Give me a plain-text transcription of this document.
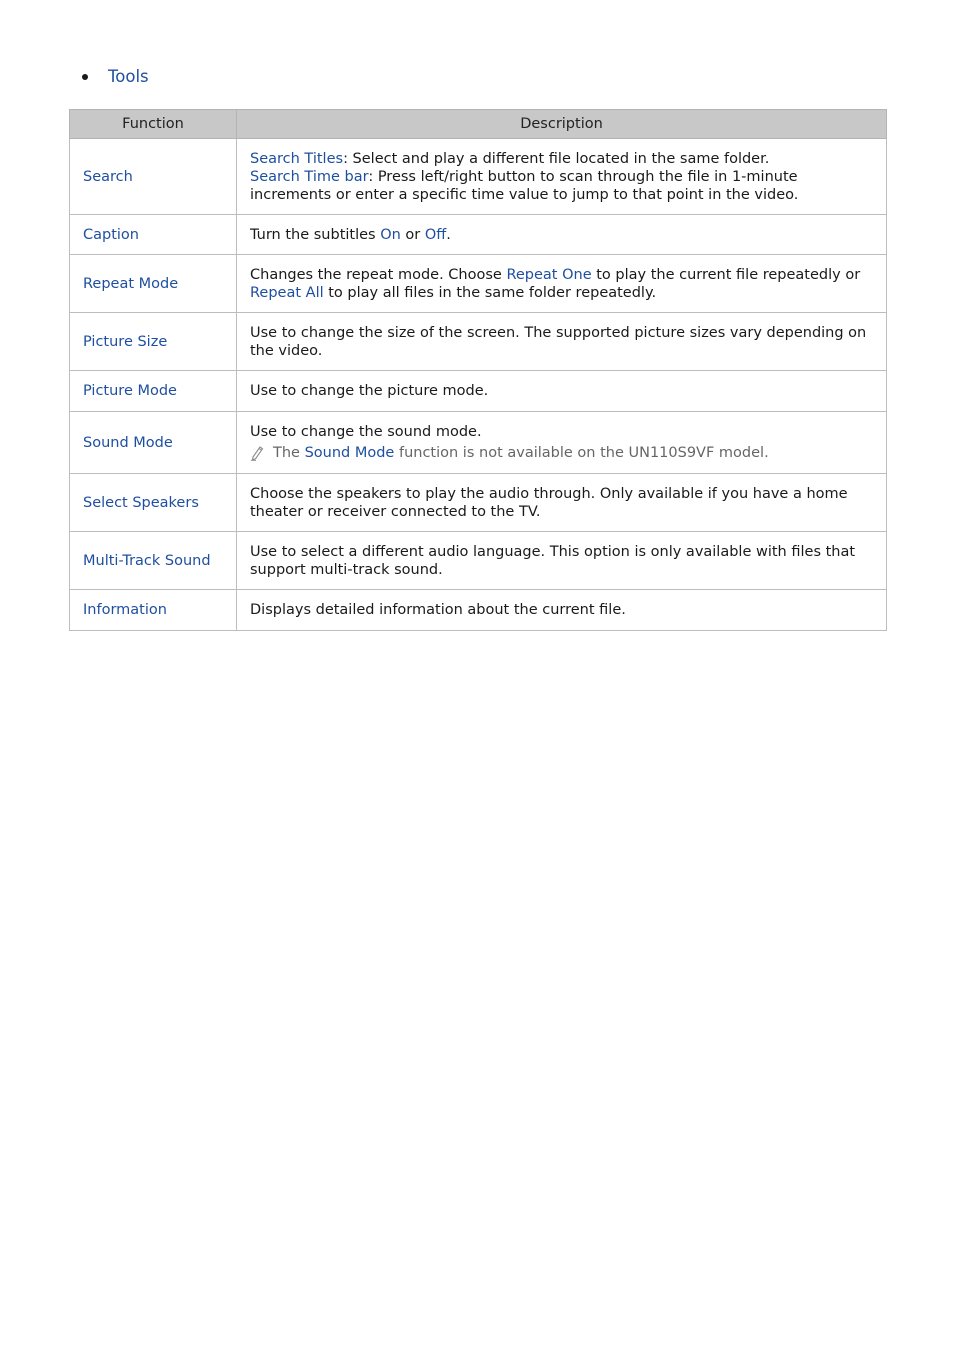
Tools
Function	Description
Search	Search Titles: Select and play a different file located in the same folder.
Search Time bar: Press left/right button to scan through the file in 1-minute increments or enter a specific time value to jump to that point in the video.
Caption	Turn the subtitles On or Off.
Repeat Mode	Changes the repeat mode. Choose Repeat One to play the current file repeatedly or Repeat All to play all files in the same folder repeatedly.
Picture Size	Use to change the size of the screen. The supported picture sizes vary depending on the video.
Picture Mode	Use to change the picture mode.
Sound Mode	Use to change the sound mode.
The Sound Mode function is not available on the UN110S9VF model.

Select Speakers	Choose the speakers to play the audio through. Only available if you have a home theater or receiver connected to the TV.
Multi-Track Sound	Use to select a different audio language. This option is only available with files that support multi-track sound.
Information	Displays detailed information about the current file.
